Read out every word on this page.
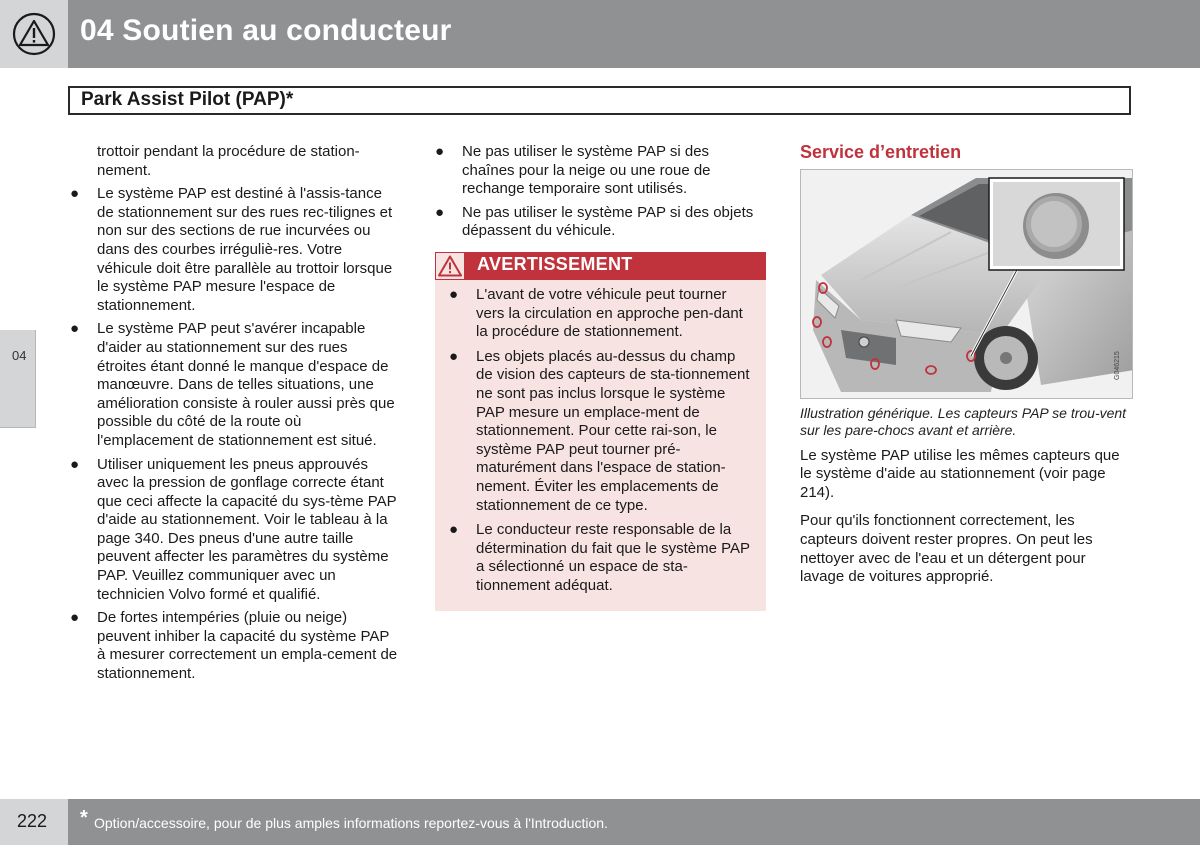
04 Soutien au conducteur
Park Assist Pilot (PAP)*
04
trottoir pendant la procédure de station-nement.
● Le système PAP est destiné à l'assis-tance de stationnement sur des rues rec-tilignes et non sur des sections de rue incurvées ou dans des courbes irréguliè-res. Votre véhicule doit être parallèle au trottoir lorsque le système PAP mesure l'espace de stationnement.
● Le système PAP peut s'avérer incapable d'aider au stationnement sur des rues étroites étant donné le manque d'espace de manœuvre. Dans de telles situations, une amélioration consiste à rouler aussi près que possible du côté de la route où l'emplacement de stationnement est situé.
● Utiliser uniquement les pneus approuvés avec la pression de gonflage correcte étant que ceci affecte la capacité du sys-tème PAP d'aide au stationnement. Voir le tableau à la page 340. Des pneus d'une autre taille peuvent affecter les paramètres du système PAP. Veuillez communiquer avec un technicien Volvo formé et qualifié.
● De fortes intempéries (pluie ou neige) peuvent inhiber la capacité du système PAP à mesurer correctement un empla-cement de stationnement.
● Ne pas utiliser le système PAP si des chaînes pour la neige ou une roue de rechange temporaire sont utilisés.
● Ne pas utiliser le système PAP si des objets dépassent du véhicule.
AVERTISSEMENT
● L'avant de votre véhicule peut tourner vers la circulation en approche pen-dant la procédure de stationnement.
● Les objets placés au-dessus du champ de vision des capteurs de sta-tionnement ne sont pas inclus lorsque le système PAP mesure un emplace-ment de stationnement. Pour cette rai-son, le système PAP peut tourner pré-maturément dans l'espace de station-nement. Éviter les emplacements de stationnement de ce type.
● Le conducteur reste responsable de la détermination du fait que le système PAP a sélectionné un espace de sta-tionnement adéquat.
Service d’entretien
G046215
Illustration générique. Les capteurs PAP se trou-vent sur les pare-chocs avant et arrière.
Le système PAP utilise les mêmes capteurs que le système d'aide au stationnement (voir page 214).
Pour qu'ils fonctionnent correctement, les capteurs doivent rester propres. On peut les nettoyer avec de l'eau et un détergent pour lavage de voitures approprié.
222 * Option/accessoire, pour de plus amples informations reportez-vous à l'Introduction.
